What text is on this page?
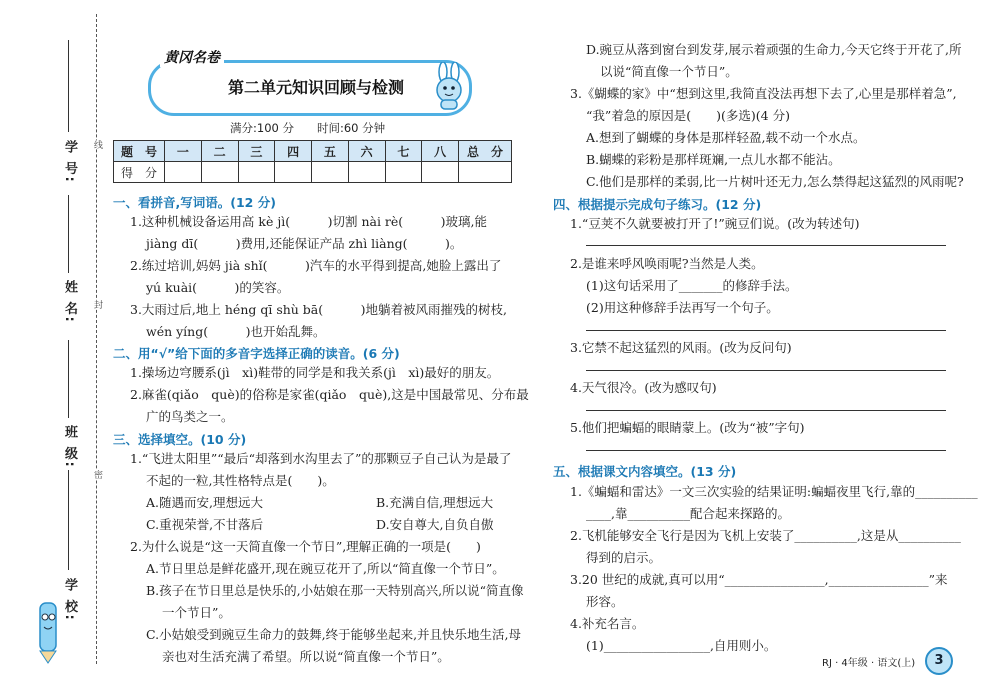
学 校:
班 级:
姓 名:
学 号:
密
封
线
黄冈名卷
第二单元知识回顾与检测
满分:100 分　　时间:60 分钟
题　号	一	二	三	四	五	六	七	八	总　分
得　分									
一、看拼音,写词语。(12 分)
1.这种机械设备运用高 kè jì(　　　)切割 nài rè(　　　)玻璃,能
jiàng dī(　　　)费用,还能保证产品 zhì liàng(　　　)。
2.练过培训,妈妈 jià shǐ(　　　)汽车的水平得到提高,她脸上露出了
yú kuài(　　　)的笑容。
3.大雨过后,地上 héng qī shù bā(　　　)地躺着被风雨摧残的树枝,
wén yíng(　　　)也开始乱舞。
二、用“√”给下面的多音字选择正确的读音。(6 分)
1.操场边穹腰系(jì　xì)鞋带的同学是和我关系(jì　xì)最好的朋友。
2.麻雀(qiǎo　què)的俗称是家雀(qiǎo　què),这是中国最常见、分布最
广的鸟类之一。
三、选择填空。(10 分)
1.“飞进太阳里”“最后“却落到水沟里去了”的那颗豆子自己认为是最了
不起的一粒,其性格特点是(　　)。
A.随遇而安,理想远大	B.充满自信,理想远大
C.重视荣誉,不甘落后	D.安自尊大,自负自傲
2.为什么说是“这一天简直像一个节日”,理解正确的一项是(　　)
A.节日里总是鲜花盛开,现在豌豆花开了,所以“简直像一个节日”。
B.孩子在节日里总是快乐的,小姑娘在那一天特别高兴,所以说“简直像
一个节日”。
C.小姑娘受到豌豆生命力的鼓舞,终于能够坐起来,并且快乐地生活,母
亲也对生活充满了希望。所以说“简直像一个节日”。
D.豌豆从落到窗台到发芽,展示着顽强的生命力,今天它终于开花了,所
以说“简直像一个节日”。
3.《蝴蝶的家》中“想到这里,我简直没法再想下去了,心里是那样着急”,
“我”着急的原因是(　　)(多选)(4 分)
A.想到了蝴蝶的身体是那样轻盈,载不动一个水点。
B.蝴蝶的彩粉是那样斑斓,一点儿水都不能沾。
C.他们是那样的柔弱,比一片树叶还无力,怎么禁得起这猛烈的风雨呢?
四、根据提示完成句子练习。(12 分)
1.“豆荚不久就要被打开了!”豌豆们说。(改为转述句)
2.是谁来呼风唤雨呢?当然是人类。
(1)这句话采用了_______的修辞手法。
(2)用这种修辞手法再写一个句子。
3.它禁不起这猛烈的风雨。(改为反问句)
4.天气很冷。(改为感叹句)
5.他们把蝙蝠的眼睛蒙上。(改为“被”字句)
五、根据课文内容填空。(13 分)
1.《蝙蝠和雷达》一文三次实验的结果证明:蝙蝠夜里飞行,靠的__________
____,靠__________配合起来探路的。
2.飞机能够安全飞行是因为飞机上安装了__________,这是从__________
得到的启示。
3.20 世纪的成就,真可以用“________________,________________”来
形容。
4.补充名言。
(1)_________________,自用则小。
RJ · 4年级 · 语文(上)	3
